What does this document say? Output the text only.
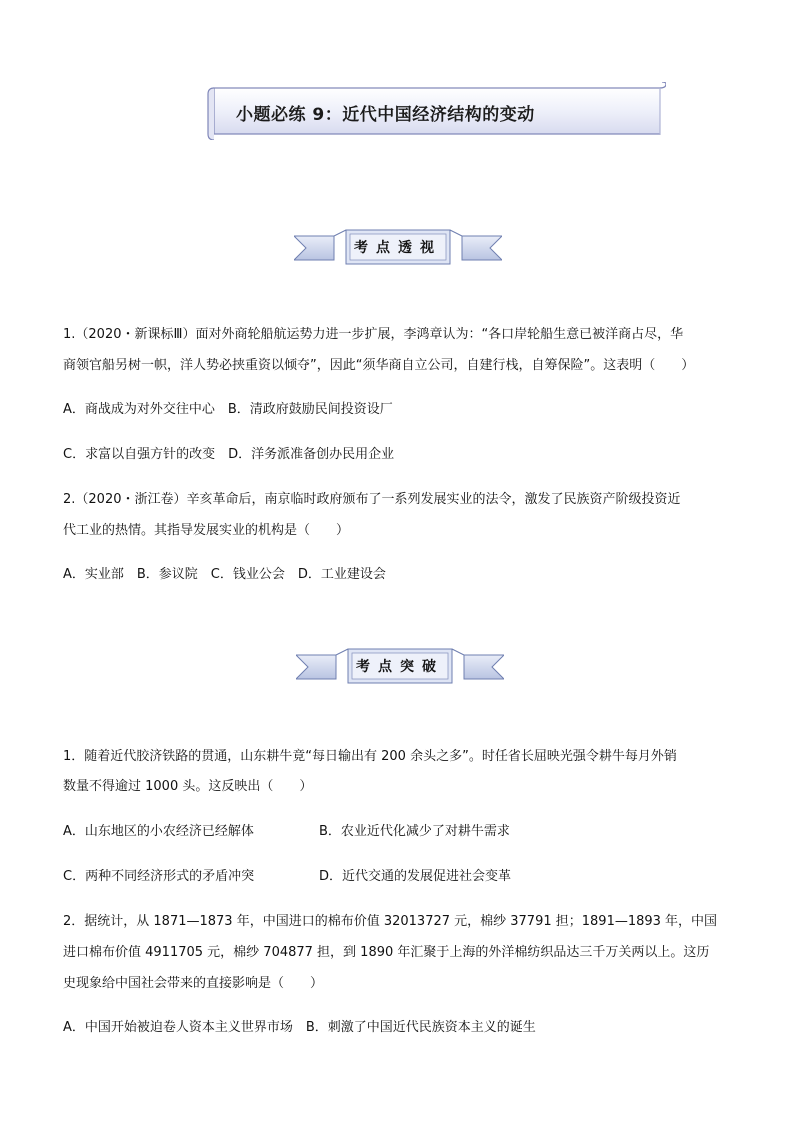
小题必练 9：近代中国经济结构的变动
考点透视
1.（2020・新课标Ⅲ）面对外商轮船航运势力进一步扩展，李鸿章认为：“各口岸轮船生意已被洋商占尽，华
商领官船另树一帜，洋人势必挟重资以倾夺”，因此“须华商自立公司，自建行栈，自筹保险”。这表明（　　）
A．商战成为对外交往中心　B．清政府鼓励民间投资设厂
C．求富以自强方针的改变　D．洋务派准备创办民用企业
2.（2020・浙江卷）辛亥革命后，南京临时政府颁布了一系列发展实业的法令，激发了民族资产阶级投资近
代工业的热情。其指导发展实业的机构是（　　）
A．实业部　B．参议院　C．钱业公会　D．工业建设会
考点突破
1．随着近代胶济铁路的贯通，山东耕牛竟“每日输出有 200 余头之多”。时任省长屈映光强令耕牛每月外销
数量不得逾过 1000 头。这反映出（　　）
A．山东地区的小农经济已经解体	B．农业近代化减少了对耕牛需求
C．两种不同经济形式的矛盾冲突	D．近代交通的发展促进社会变革
2．据统计，从 1871—1873 年，中国进口的棉布价值 32013727 元，棉纱 37791 担；1891—1893 年，中国
进口棉布价值 4911705 元，棉纱 704877 担，到 1890 年汇聚于上海的外洋棉纺织品达三千万关两以上。这历
史现象给中国社会带来的直接影响是（　　）
A．中国开始被迫卷人资本主义世界市场　B．刺激了中国近代民族资本主义的诞生
